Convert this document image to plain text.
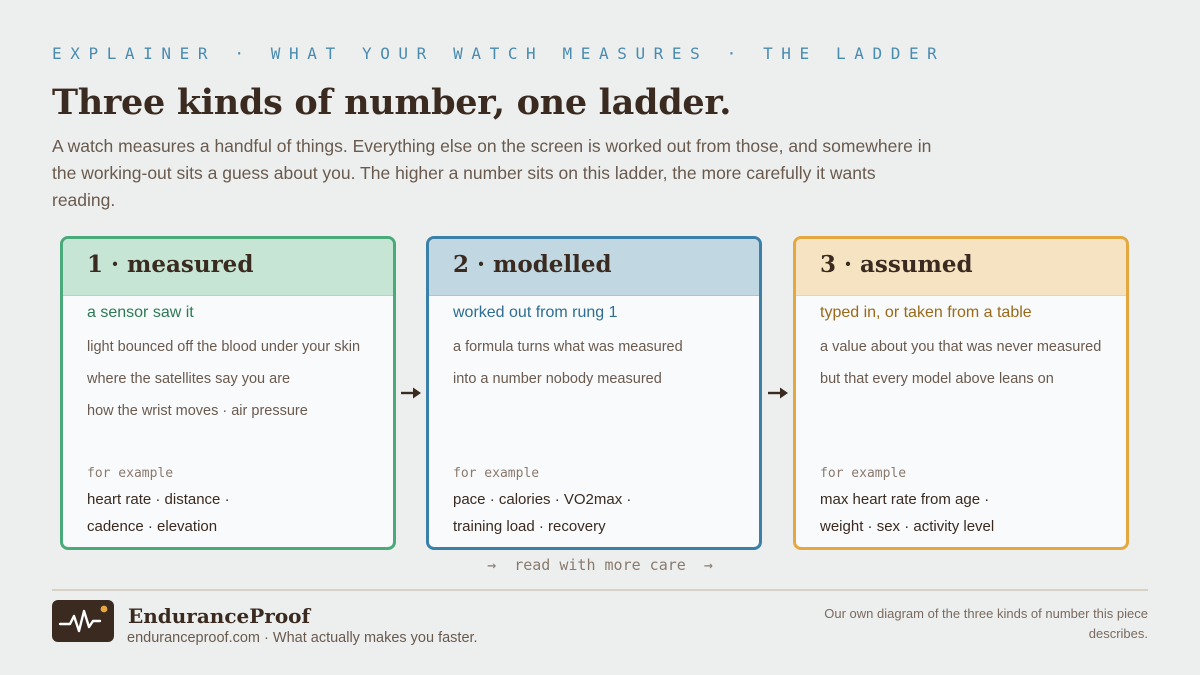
EXPLAINER · WHAT YOUR WATCH MEASURES · THE LADDER
Three kinds of number, one ladder.

A watch measures a handful of things. Everything else on the screen is worked out from those, and somewhere in the working-out sits a guess about you. The higher a number sits on this ladder, the more carefully it wants reading.

1 · measured
a sensor saw it
light bounced off the blood under your skin
where the satellites say you are
how the wrist moves · air pressure
for example
heart rate · distance ·
cadence · elevation
2 · modelled
worked out from rung 1
a formula turns what was measured
into a number nobody measured
for example
pace · calories · VO2max ·
training load · recovery
3 · assumed
typed in, or taken from a table
a value about you that was never measured
but that every model above leans on
for example
max heart rate from age ·
weight · sex · activity level
→  read with more care  →
EnduranceProof
enduranceproof.com · What actually makes you faster.
Our own diagram of the three kinds of number this piece describes.
